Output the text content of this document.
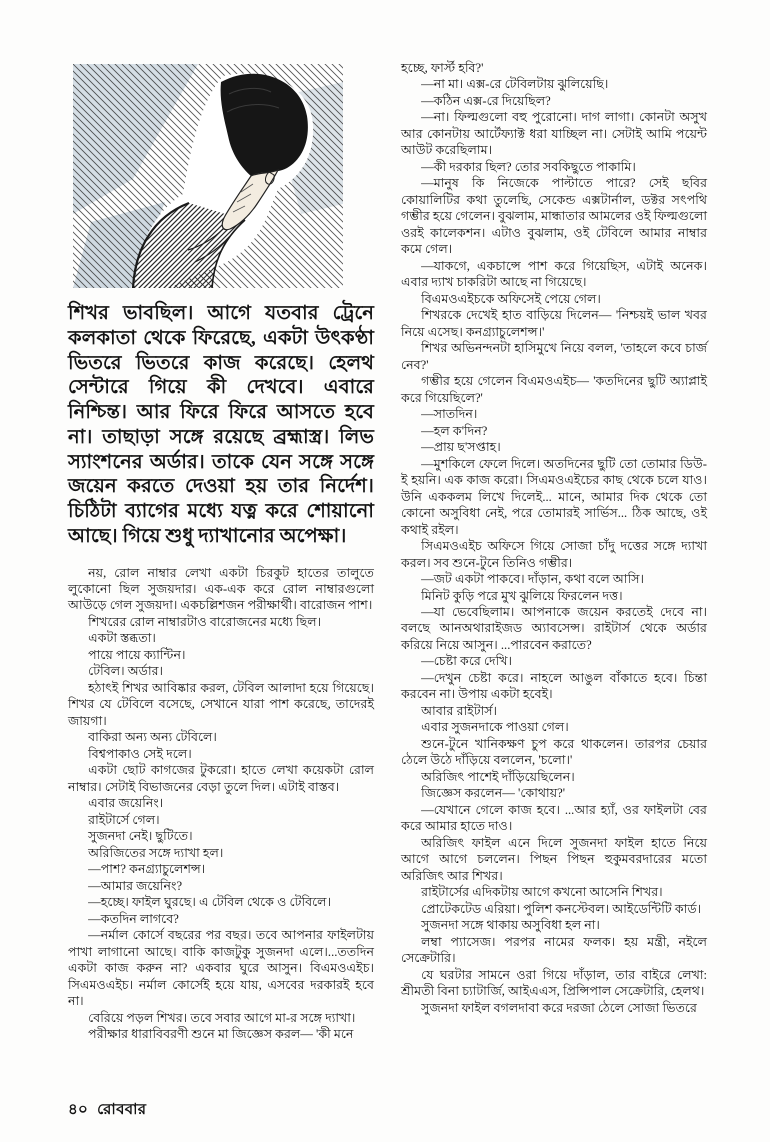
শিখর ভাবছিল। আগে যতবার ট্রেনে কলকাতা থেকে ফিরেছে, একটা উৎকণ্ঠা ভিতরে ভিতরে কাজ করেছে। হেলথ সেন্টারে গিয়ে কী দেখবে। এবারে নিশ্চিন্ত। আর ফিরে ফিরে আসতে হবে না। তাছাড়া সঙ্গে রয়েছে ব্রহ্মাস্ত্র। লিভ স্যাংশনের অর্ডার। তাকে যেন সঙ্গে সঙ্গে জয়েন করতে দেওয়া হয় তার নির্দেশ। চিঠিটা ব্যাগের মধ্যে যত্ন করে শোয়ানো আছে। গিয়ে শুধু দ্যাখানোর অপেক্ষা।

নয়, রোল নাম্বার লেখা একটা চিরকুট হাতের তালুতে লুকোনো ছিল সুজয়দার। এক-এক করে রোল নাম্বারগুলো আউড়ে গেল সুজয়দা। একচল্লিশজন পরীক্ষার্থী। বারোজন পাশ।

শিখরের রোল নাম্বারটাও বারোজনের মধ্যে ছিল।

একটা স্তব্ধতা।

পায়ে পায়ে ক্যান্টিন।

টেবিল। অর্ডার।

হঠাৎই শিখর আবিষ্কার করল, টেবিল আলাদা হয়ে গিয়েছে। শিখর যে টেবিলে বসেছে, সেখানে যারা পাশ করেছে, তাদেরই জায়গা।

বাকিরা অন্য অন্য টেবিলে।

বিশ্বপাকাও সেই দলে।

একটা ছোট কাগজের টুকরো। হাতে লেখা কয়েকটা রোল নাম্বার। সেটাই বিভাজনের বেড়া তুলে দিল। এটাই বাস্তব।

এবার জয়েনিং।

রাইটার্সে গেল।

সুজনদা নেই। ছুটিতে।

অরিজিতের সঙ্গে দ্যাখা হল।

—পাশ? কনগ্র্যাচুলেশন্স।

—আমার জয়েনিং?

—হচ্ছে। ফাইল ঘুরছে। এ টেবিল থেকে ও টেবিলে।

—কতদিন লাগবে?

—নর্মাল কোর্সে বছরের পর বছর। তবে আপনার ফাইলটায় পাখা লাগানো আছে। বাকি কাজটুকু সুজনদা এলে।...ততদিন একটা কাজ করুন না? একবার ঘুরে আসুন। বিএমওএইচ। সিএমওএইচ। নর্মাল কোর্সেই হয়ে যায়, এসবের দরকারই হবে না।

বেরিয়ে পড়ল শিখর। তবে সবার আগে মা-র সঙ্গে দ্যাখা।

পরীক্ষার ধারাবিবরণী শুনে মা জিজ্ঞেস করল— 'কী মনে

হচ্ছে, ফার্স্ট হবি?'

—না মা। এক্স-রে টেবিলটায় ঝুলিয়েছি।

—কঠিন এক্স-রে দিয়েছিল?

—না। ফিল্মগুলো বহু পুরোনো। দাগ লাগা। কোনটা অসুখ আর কোনটায় আর্টেফ্যাক্ট ধরা যাচ্ছিল না। সেটাই আমি পয়েন্ট আউট করেছিলাম।

—কী দরকার ছিল? তোর সবকিছুতে পাকামি।

—মানুষ কি নিজেকে পাল্টাতে পারে? সেই ছবির কোয়ালিটির কথা তুলেছি, সেকেন্ড এক্সটার্নাল, ডক্টর সৎপথি গম্ভীর হয়ে গেলেন। বুঝলাম, মান্ধাতার আমলের ওই ফিল্মগুলো ওরই কালেকশন। এটাও বুঝলাম, ওই টেবিলে আমার নাম্বার কমে গেল।

—যাকগে, একচান্সে পাশ করে গিয়েছিস, এটাই অনেক। এবার দ্যাখ চাকরিটা আছে না গিয়েছে।

বিএমওএইচকে অফিসেই পেয়ে গেল।

শিখরকে দেখেই হাত বাড়িয়ে দিলেন— 'নিশ্চয়ই ভাল খবর নিয়ে এসেছ। কনগ্র্যাচুলেশন্স।'

শিখর অভিনন্দনটা হাসিমুখে নিয়ে বলল, 'তাহলে কবে চার্জ নেব?'

গম্ভীর হয়ে গেলেন বিএমওএইচ— 'কতদিনের ছুটি অ্যাপ্লাই করে গিয়েছিলে?'

—সাতদিন।

—হল ক'দিন?

—প্রায় ছ'সপ্তাহ।

—মুশকিলে ফেলে দিলে। অতদিনের ছুটি তো তোমার ডিউ-ই হয়নি। এক কাজ করো। সিএমওএইচের কাছ থেকে চলে যাও। উনি এককলম লিখে দিলেই... মানে, আমার দিক থেকে তো কোনো অসুবিধা নেই, পরে তোমারই সার্ভিস... ঠিক আছে, ওই কথাই রইল।

সিএমওএইচ অফিসে গিয়ে সোজা চাঁদু দত্তের সঙ্গে দ্যাখা করল। সব শুনে-টুনে তিনিও গম্ভীর।

—জট একটা পাকবে। দাঁড়ান, কথা বলে আসি।

মিনিট কুড়ি পরে মুখ ঝুলিয়ে ফিরলেন দত্ত।

—যা ভেবেছিলাম। আপনাকে জয়েন করতেই দেবে না। বলছে আনঅথারাইজড অ্যাবসেন্স। রাইটার্স থেকে অর্ডার করিয়ে নিয়ে আসুন। ...পারবেন করাতে?

—চেষ্টা করে দেখি।

—দেখুন চেষ্টা করে। নাহলে আঙুল বাঁকাতে হবে। চিন্তা করবেন না। উপায় একটা হবেই।

আবার রাইটার্স।

এবার সুজনদাকে পাওয়া গেল।

শুনে-টুনে খানিকক্ষণ চুপ করে থাকলেন। তারপর চেয়ার ঠেলে উঠে দাঁড়িয়ে বললেন, 'চলো।'

অরিজিৎ পাশেই দাঁড়িয়েছিলেন।

জিজ্ঞেস করলেন— 'কোথায়?'

—যেখানে গেলে কাজ হবে। ...আর হ্যাঁ, ওর ফাইলটা বের করে আমার হাতে দাও।

অরিজিৎ ফাইল এনে দিলে সুজনদা ফাইল হাতে নিয়ে আগে আগে চললেন। পিছন পিছন হুকুমবরদারের মতো অরিজিৎ আর শিখর।

রাইটার্সের এদিকটায় আগে কখনো আসেনি শিখর।

প্রোটেকটেড এরিয়া। পুলিশ কনস্টেবল। আইডেন্টিটি কার্ড।

সুজনদা সঙ্গে থাকায় অসুবিধা হল না।

লম্বা প্যাসেজ। পরপর নামের ফলক। হয় মন্ত্রী, নইলে সেক্রেটারি।

যে ঘরটার সামনে ওরা গিয়ে দাঁড়াল, তার বাইরে লেখা: শ্রীমতী বিনা চ্যাটার্জি, আইএএস, প্রিন্সিপাল সেক্রেটারি, হেলথ।

সুজনদা ফাইল বগলদাবা করে দরজা ঠেলে সোজা ভিতরে

৪০ রোববার
